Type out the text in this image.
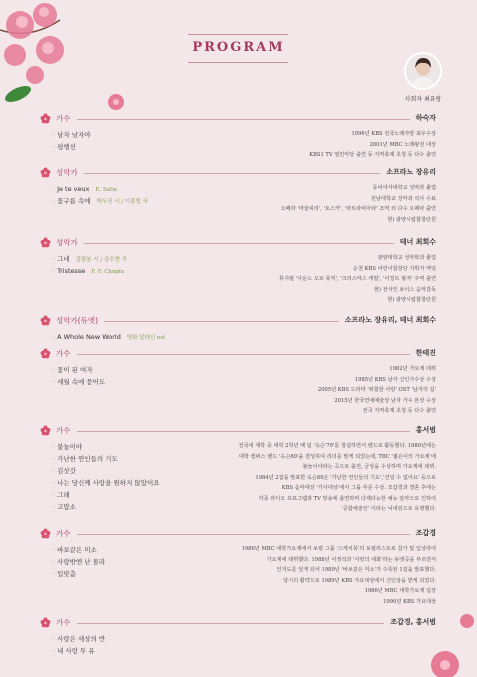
PROGRAM
사회자 최유랑
가수	하숙자
· 남자 남자야
· 평행선
1996년 KBS 전국노래자랑 최우수상
2001년 MBC 노래왕전 대상
KBS1 TV 열린마당 출연 등 지역축제 초청 등 다수 출연
성악가	소프라노 장유리
· Je te veux E. Satie
· 꽃구름 속에 박두진 시 / 이흥렬 곡
동덕여자대학교 성악과 졸업
전남대학교 성악과 석사 수료
오페라 '마술피리', '토스카', '라트라비아타' 조역 외 다수 오페라 출연
현) 광양시립합창단원
성악가	테너 최회수
· 그네 김말봉 시 / 금수현 곡
· Tristesse F. F. Chopin
광양대학교 성악학과 졸업
순천 KBS 어린이합창단 지휘자 역임
뮤지컬 '사운드 오브 뮤직', '크리스마스 캐럴', '이징트 왕자' 주역 출연
현) 전사인 보이스 음악감독
현) 광양시립합창단원
성악가(듀엣)	소프라노 장유리, 테너 최회수
· A Whole New World 영화 알라딘 ost
가수	한태진
· 꽃이 된 여자
· 세월 속에 묻어도
1982년 가요계 데뷔
1985년 KBS 남자 신인가수상 수상
2005년 KBS 드라마 '위험한 사랑' OST '남자의 길'
2015년 한국연예예술상 남자 가수 본상 수상
전국 지역축제 초청 등 다수 출연
가수	홍서범
· 불놀이야
· 가난한 연인들의 기도
· 김삿갓
· 나는 당신께 사랑을 원하지 않았어요
· 그래
· 고맙소
전국대 재학 중 대학 2학년 때 팀 '옥슨'79'를 창설하면서 밴드로 활동했다. 1980년에는
대학 캠퍼스 밴드 '옥슨80'을 결성하여 리더를 맡게 되었는데, TBC '젊은이의 가요제'에
불놀이야라는 곡으로 출전, 금상을 수상하며 가요계에 데뷔.
1984년 2집을 발표한 옥슨80은 '가난한 연인들의 기도','건널 수 없어요' 등으로
KBS 음악대상 '가사대상'에서 그룹 부문 수상. 조갑경과 결혼 후에는
각종 라디오 프로그램과 TV 방송에 출연하며 다재다능한 예능 감각으로 인하여
'공합예술인' 이라는 닉네임으로 유명했다.
가수	조갑경
· 바보같은 미소
· 사랑밖엔 난 몰라
· 입맞춤
1986년 MBC 대학가요제에서 보컬 그룹 '스케치북'의 보컬리스트로 참가 및 입상하여
가요계에 데뷔했다. 1988년 이정석과 '사랑의 대화'라는 듀엣곡을 부르면서
인지도를 얻게 되어 1989년 '바보같은 미소'가 수록된 1집을 발표했다.
당시의 활약으로 1989년 KBS 가요대상에서 신인상을 받게 되었다.
1986년 MBC 대학가요제 입상
1990년 KBS 가요대상
가수	조갑경, 홍서범
· 사랑은 세상의 반
· 내 사랑 투 유
